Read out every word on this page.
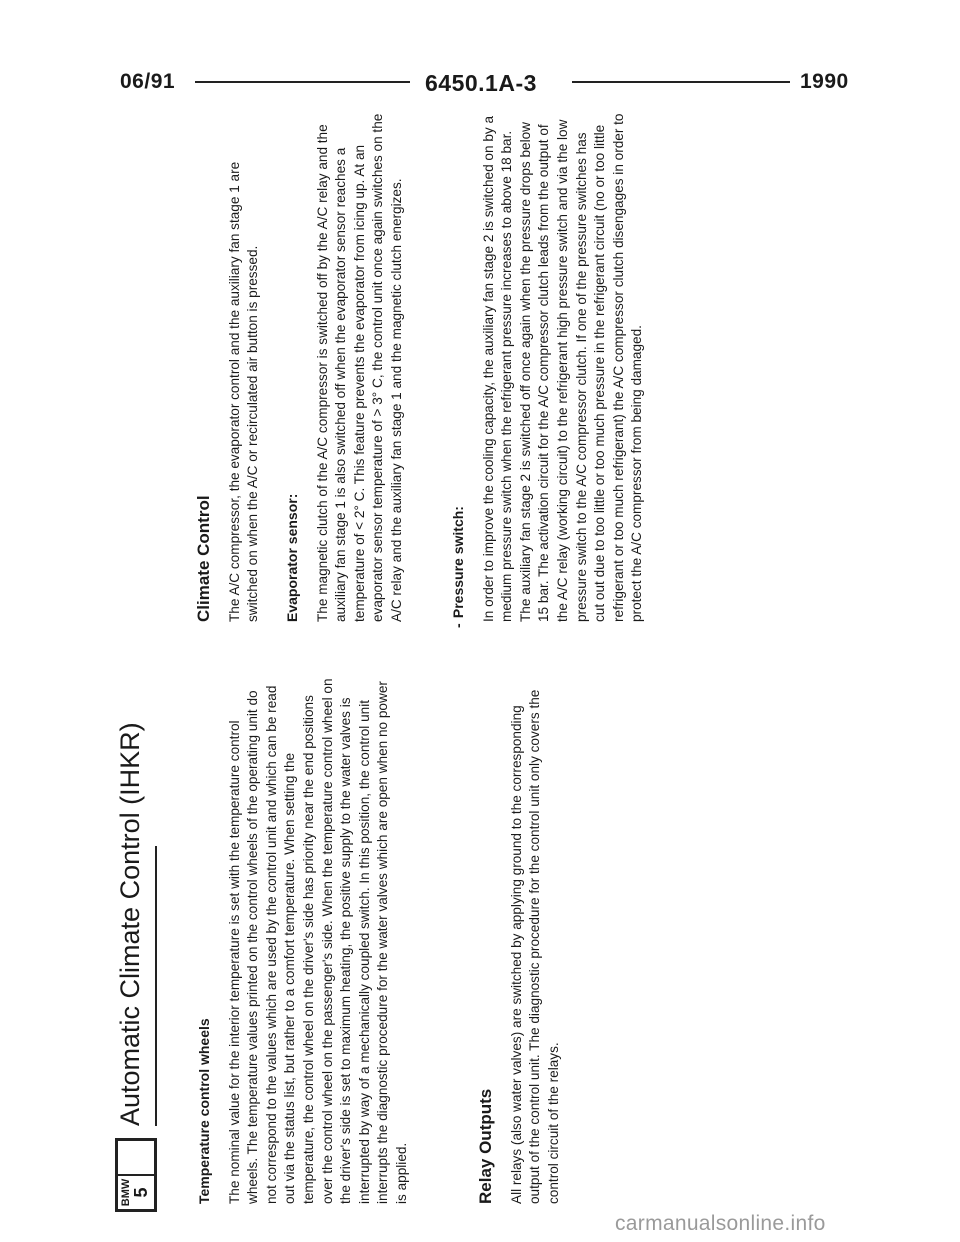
06/91	6450.1A-3	1990
BMW 5
Automatic Climate Control (IHKR)	Temperature control wheels The nominal value for the interior temperature is set with the temperature control wheels. The temperature values printed on the control wheels of the operating unit do not correspond to the values which are used by the control unit and which can be read out via the status list, but rather to a comfort temperature. When setting the temperature, the control wheel on the driver's side has priority near the end positions over the control wheel on the passenger's side. When the temperature control wheel on the driver's side is set to maximum heating, the positive supply to the water valves is interrupted by way of a mechanically coupled switch. In this position, the control unit interrupts the diagnostic procedure for the water valves which are open when no power is applied.	Relay Outputs All relays (also water valves) are switched by applying ground to the corresponding output of the control unit. The diagnostic procedure for the control unit only covers the control circuit of the relays.

Climate Control The A/C compressor, the evaporator control and the auxiliary fan stage 1 are switched on when the A/C or recirculated air button is pressed. Evaporator sensor: The magnetic clutch of the A/C compressor is switched off by the A/C relay and the auxiliary fan stage 1 is also switched off when the evaporator sensor reaches a temperature of < 2° C. This feature prevents the evaporator from icing up. At an evaporator sensor temperature of > 3° C, the control unit once again switches on the A/C relay and the auxiliary fan stage 1 and the magnetic clutch energizes.

- Pressure switch: In order to improve the cooling capacity, the auxiliary fan stage 2 is switched on by a medium pressure switch when the refrigerant pressure increases to above 18 bar. The auxiliary fan stage 2 is switched off once again when the pressure drops below 15 bar. The activation circuit for the A/C compressor clutch leads from the output of the A/C relay (working circuit) to the refrigerant high pressure switch and via the low pressure switch to the A/C compressor clutch. If one of the pressure switches has cut out due to too little or too much pressure in the refrigerant circuit (no or too little refrigerant or too much refrigerant) the A/C compressor clutch disengages in order to protect the A/C compressor from being damaged.

carmanualsonline.info
